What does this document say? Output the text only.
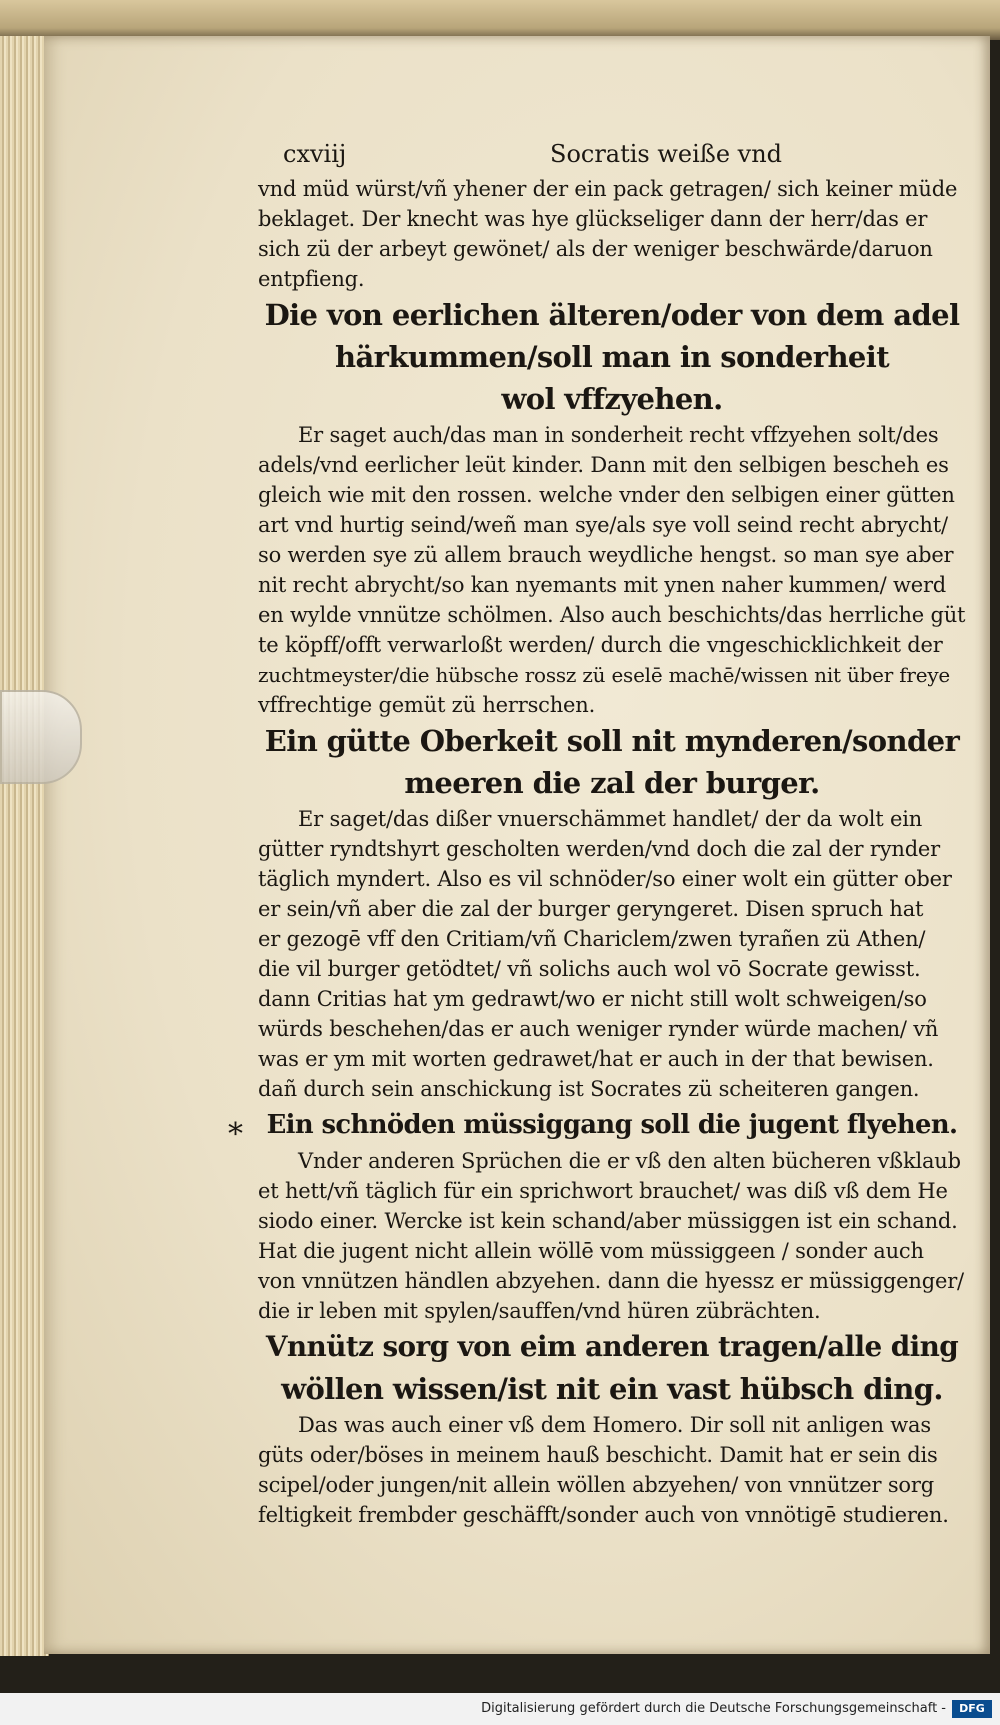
cxviij	Socratis weiße vnd
vnd müd würst/vñ yhener der ein pack getragen/ sich keiner müde
beklaget. Der knecht was hye glückseliger dann der herr/das er
sich zü der arbeyt gewönet/ als der weniger beschwärde/daruon
entpfieng.
Die von eerlichen älteren/oder von dem adel
härkummen/soll man in sonderheit
wol vffzyehen.
Er saget auch/das man in sonderheit recht vffzyehen solt/des
adels/vnd eerlicher leüt kinder. Dann mit den selbigen bescheh es
gleich wie mit den rossen. welche vnder den selbigen einer gütten
art vnd hurtig seind/weñ man sye/als sye voll seind recht abrycht/
so werden sye zü allem brauch weydliche hengst. so man sye aber
nit recht abrycht/so kan nyemants mit ynen naher kummen/ werd
en wylde vnnütze schölmen. Also auch beschichts/das herrliche güt
te köpff/offt verwarloßt werden/ durch die vngeschicklichkeit der
zuchtmeyster/die hübsche rossz zü eselē machē/wissen nit über freye
vffrechtige gemüt zü herrschen.
Ein gütte Oberkeit soll nit mynderen/sonder
meeren die zal der burger.
Er saget/das dißer vnuerschämmet handlet/ der da wolt ein
gütter ryndtshyrt gescholten werden/vnd doch die zal der rynder
täglich myndert. Also es vil schnöder/so einer wolt ein gütter ober
er sein/vñ aber die zal der burger geryngeret. Disen spruch hat
er gezogē vff den Critiam/vñ Chariclem/zwen tyrañen zü Athen/
die vil burger getödtet/ vñ solichs auch wol vō Socrate gewisst.
dann Critias hat ym gedrawt/wo er nicht still wolt schweigen/so
würds beschehen/das er auch weniger rynder würde machen/ vñ
was er ym mit worten gedrawet/hat er auch in der that bewisen.
dañ durch sein anschickung ist Socrates zü scheiteren gangen.
Ein schnöden müssiggang soll die jugent flyehen.
Vnder anderen Sprüchen die er vß den alten bücheren vßklaub
et hett/vñ täglich für ein sprichwort brauchet/ was diß vß dem He
siodo einer. Wercke ist kein schand/aber müssiggen ist ein schand.
Hat die jugent nicht allein wöllē vom müssiggeen / sonder auch
von vnnützen händlen abzyehen. dann die hyessz er müssiggenger/
die ir leben mit spylen/sauffen/vnd hüren zübrächten.
Vnnütz sorg von eim anderen tragen/alle ding
wöllen wissen/ist nit ein vast hübsch ding.
Das was auch einer vß dem Homero. Dir soll nit anligen was
güts oder/böses in meinem hauß beschicht. Damit hat er sein dis
scipel/oder jungen/nit allein wöllen abzyehen/ von vnnützer sorg
feltigkeit frembder geschäfft/sonder auch von vnnötigē studieren.
*
Digitalisierung gefördert durch die Deutsche Forschungsgemeinschaft -	DFG
